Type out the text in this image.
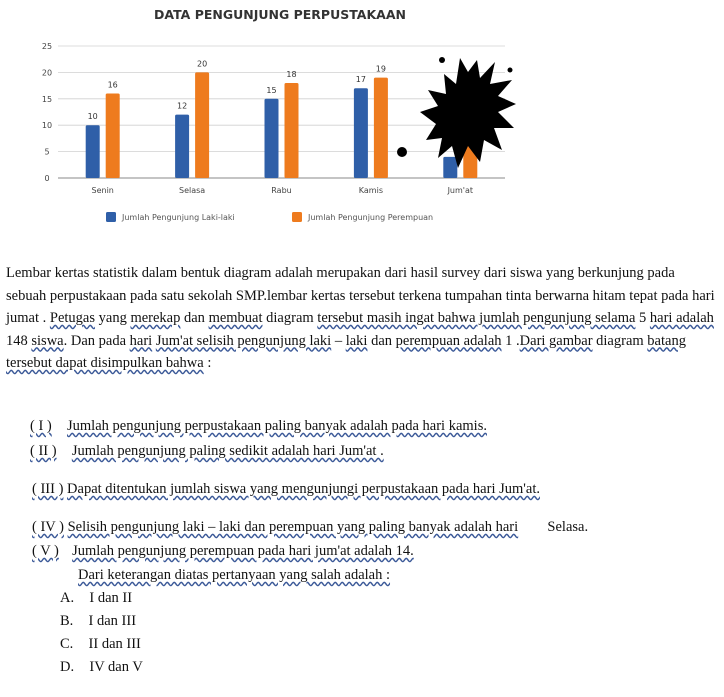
DATA PENGUNJUNG PERPUSTAKAAN
0
5
10
15
20
25
10
16
Senin
12
20
Selasa
15
18
Rabu
17
19
Kamis	Jum'at
Jumlah Pengunjung Laki-laki	Jumlah Pengunjung Perempuan

Lembar kertas statistik dalam bentuk diagram adalah merupakan dari hasil survey dari siswa yang berkunjung pada sebuah perpustakaan pada satu sekolah SMP.lembar kertas tersebut terkena tumpahan tinta berwarna hitam tepat pada hari jumat . Petugas yang merekap dan membuat diagram tersebut masih ingat bahwa jumlah pengunjung selama 5 hari adalah 148 siswa. Dan pada hari Jum'at selisih pengunjung laki – laki dan perempuan adalah 1 .Dari gambar diagram batang tersebut dapat disimpulkan bahwa :

( I ) Jumlah pengunjung perpustakaan paling banyak adalah pada hari kamis.
( II ) Jumlah pengunjung paling sedikit adalah hari Jum'at .
( III ) Dapat ditentukan jumlah siswa yang mengunjungi perpustakaan pada hari Jum'at.
( IV ) Selisih pengunjung laki – laki dan perempuan yang paling banyak adalah hari Selasa.
( V ) Jumlah pengunjung perempuan pada hari jum'at adalah 14.
Dari keterangan diatas pertanyaan yang salah adalah :
A. I dan II
B. I dan III
C. II dan III
D. IV dan V
